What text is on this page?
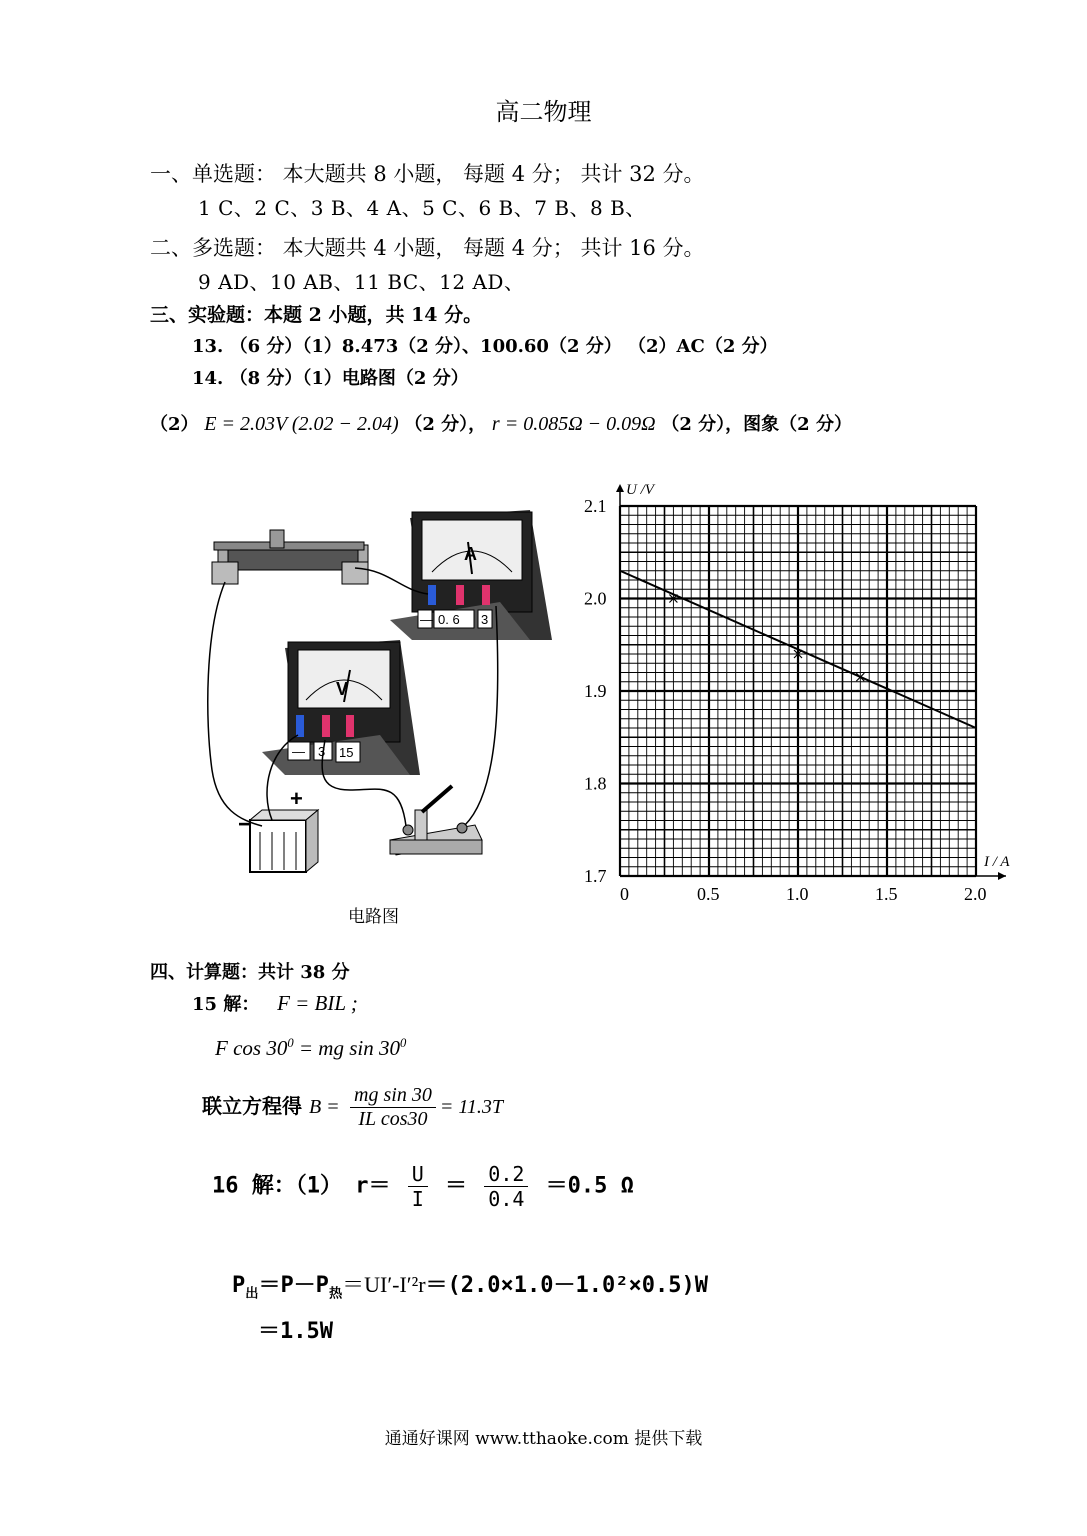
高二物理
一、单选题： 本大题共 8 小题， 每题 4 分； 共计 32 分。
1 C、2 C、3 B、4 A、5 C、6 B、7 B、8 B、
二、多选题： 本大题共 4 小题， 每题 4 分； 共计 16 分。
9 AD、10 AB、11 BC、12 AD、
三、实验题：本题 2 小题，共 14 分。
13. （6 分）（1）8.473（2 分）、100.60（2 分） （2）AC（2 分）
14. （8 分）（1）电路图（2 分）
（2） E = 2.03V (2.02 − 2.04) （2 分）， r = 0.085Ω − 0.09Ω （2 分），图象（2 分）
A
— 0. 6 3
V
— 3 15
+
−
电路图
0	0.5	1.0	1.5	2.0
1.7
1.8
1.9
2.0
2.1
I / A
U /V
四、计算题：共计 38 分
15 解： F = BIL ;
F $\cos 30^0$ = mg $\sin 30^0$
联立方程得 $B = \frac{\text{mg sin 30}}{\text{IL cos30}} = 11.3T$
16 解：（1） $r= \frac{U}{I} = \frac{0.2}{0.4} =0.5$ Ω
$P_出=P-P_热=UI'-I'^2r=(2.0\times 1.0-1.0^2\times 0.5)W$
＝1.5W
通通好课网 www.tthaoke.com 提供下载
